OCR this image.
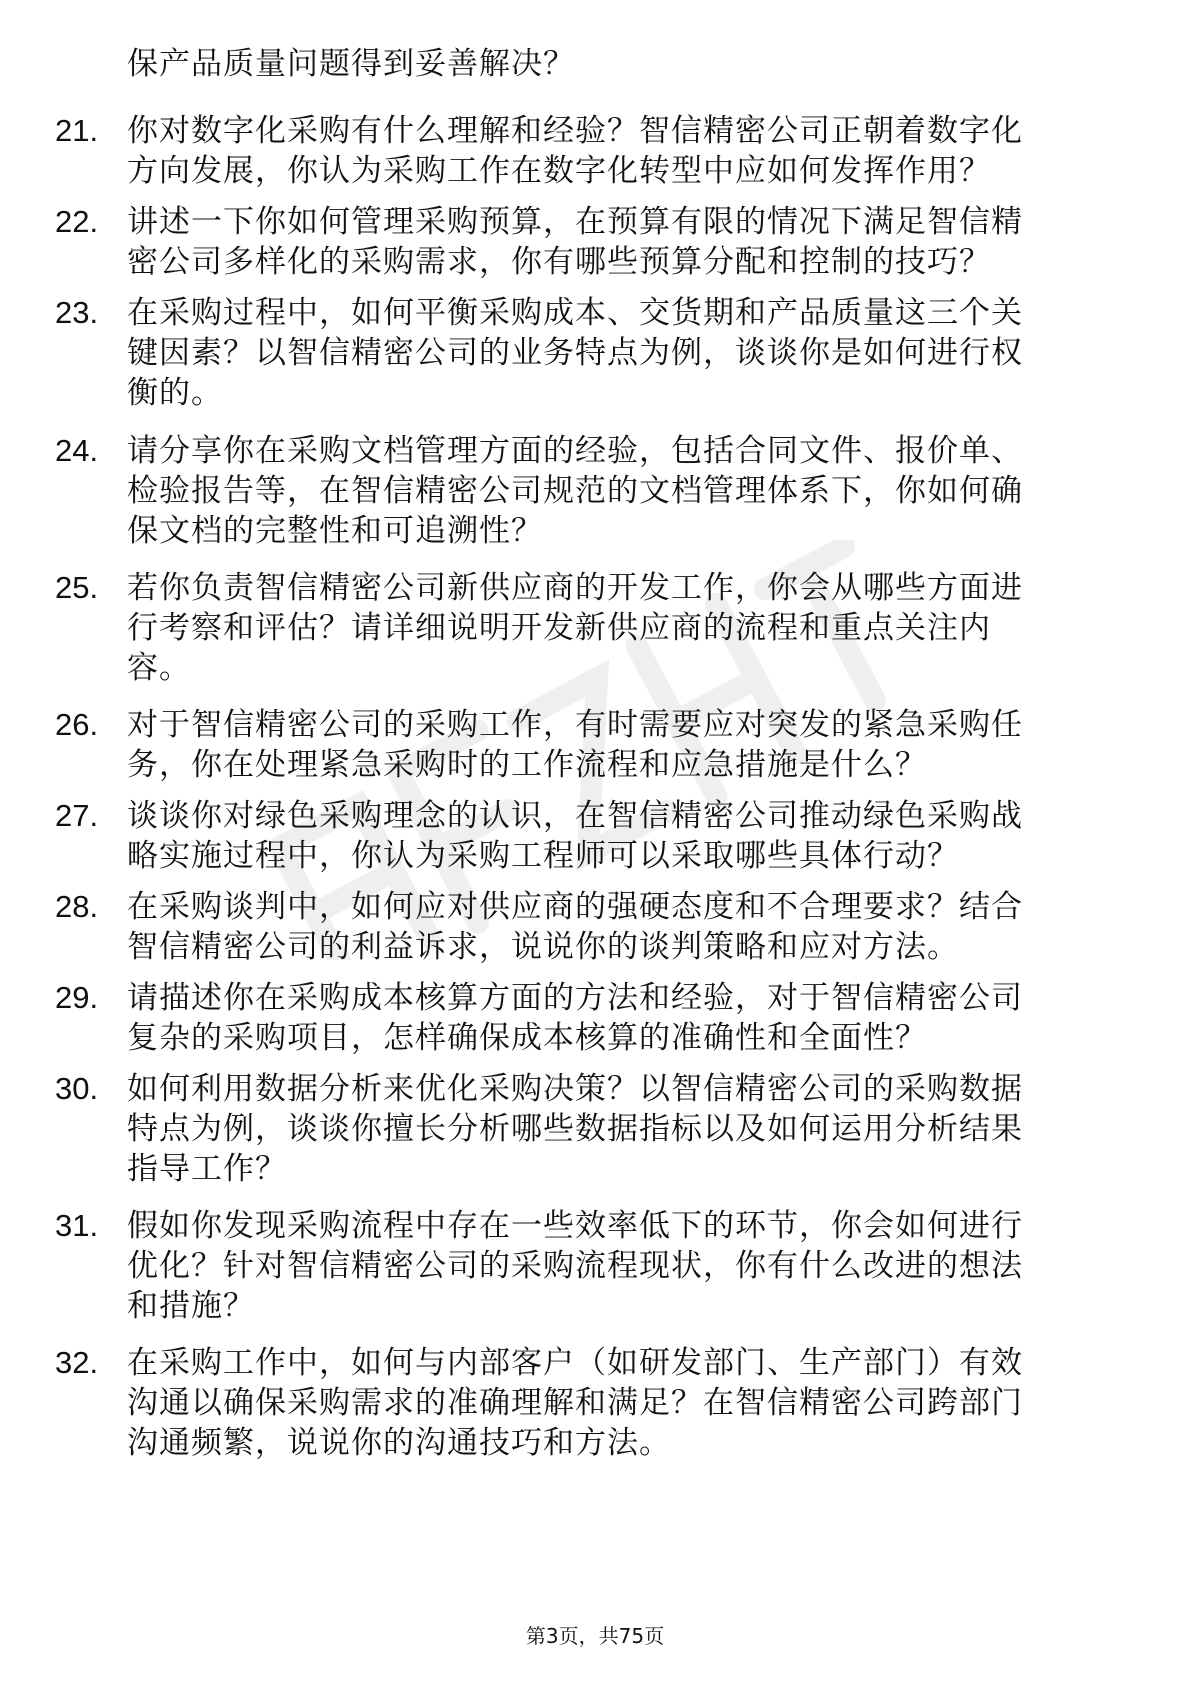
保产品质量问题得到妥善解决？
21. 你对数字化采购有什么理解和经验？智信精密公司正朝着数字化
方向发展，你认为采购工作在数字化转型中应如何发挥作用？
22. 讲述一下你如何管理采购预算，在预算有限的情况下满足智信精
密公司多样化的采购需求，你有哪些预算分配和控制的技巧？
23. 在采购过程中，如何平衡采购成本、交货期和产品质量这三个关
键因素？以智信精密公司的业务特点为例，谈谈你是如何进行权
衡的。
24. 请分享你在采购文档管理方面的经验，包括合同文件、报价单、
检验报告等，在智信精密公司规范的文档管理体系下，你如何确
保文档的完整性和可追溯性？
25. 若你负责智信精密公司新供应商的开发工作，你会从哪些方面进
行考察和评估？请详细说明开发新供应商的流程和重点关注内
容。
26. 对于智信精密公司的采购工作，有时需要应对突发的紧急采购任
务，你在处理紧急采购时的工作流程和应急措施是什么？
27. 谈谈你对绿色采购理念的认识，在智信精密公司推动绿色采购战
略实施过程中，你认为采购工程师可以采取哪些具体行动？
28. 在采购谈判中，如何应对供应商的强硬态度和不合理要求？结合
智信精密公司的利益诉求，说说你的谈判策略和应对方法。
29. 请描述你在采购成本核算方面的方法和经验，对于智信精密公司
复杂的采购项目，怎样确保成本核算的准确性和全面性？
30. 如何利用数据分析来优化采购决策？以智信精密公司的采购数据
特点为例，谈谈你擅长分析哪些数据指标以及如何运用分析结果
指导工作？
31. 假如你发现采购流程中存在一些效率低下的环节，你会如何进行
优化？针对智信精密公司的采购流程现状，你有什么改进的想法
和措施？
32. 在采购工作中，如何与内部客户（如研发部门、生产部门）有效
沟通以确保采购需求的准确理解和满足？在智信精密公司跨部门
沟通频繁，说说你的沟通技巧和方法。
第3页，共75页
